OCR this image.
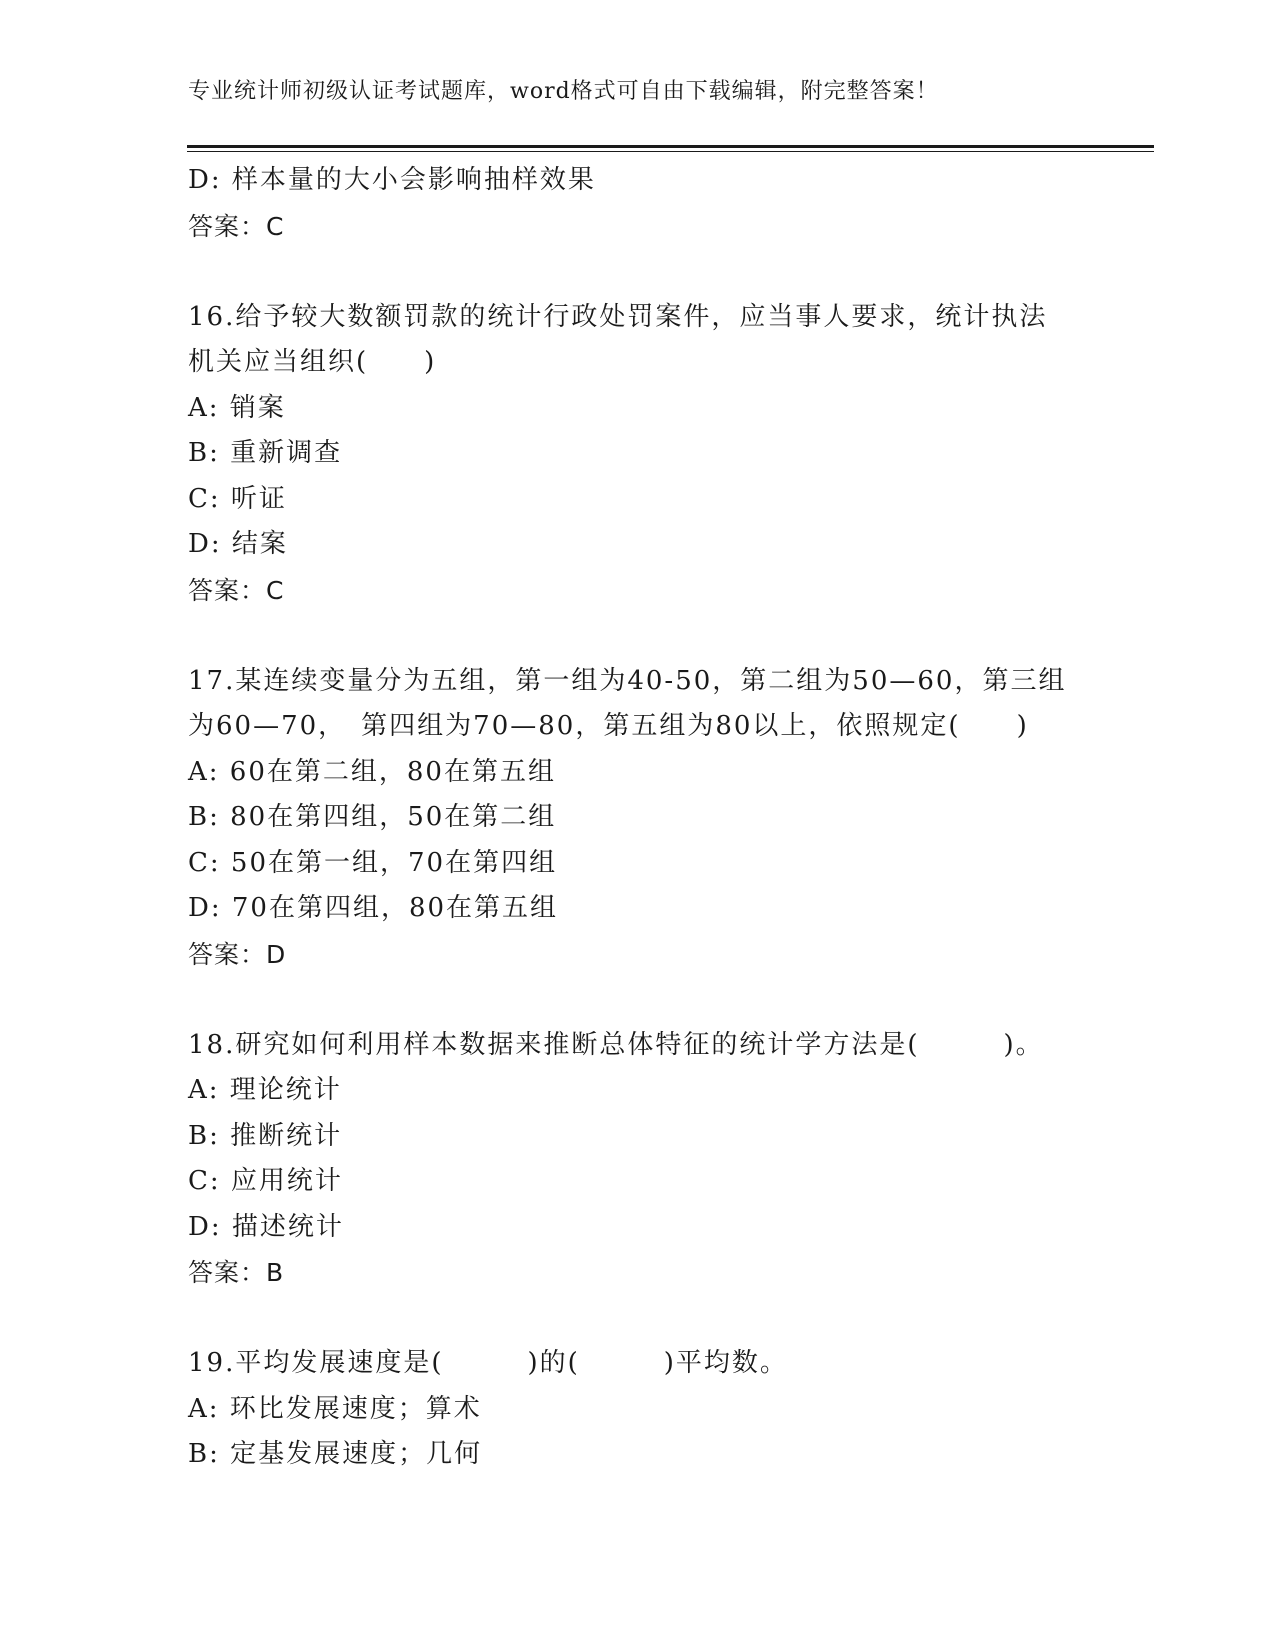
专业统计师初级认证考试题库，word格式可自由下载编辑，附完整答案！
D: 样本量的大小会影响抽样效果
答案：C
16.给予较大数额罚款的统计行政处罚案件，应当事人要求，统计执法
机关应当组织(　　)
A: 销案
B: 重新调查
C: 听证
D: 结案
答案：C
17.某连续变量分为五组，第一组为40-50，第二组为50—60，第三组
为60—70，　第四组为70—80，第五组为80以上，依照规定(　　)
A: 60在第二组，80在第五组
B: 80在第四组，50在第二组
C: 50在第一组，70在第四组
D: 70在第四组，80在第五组
答案：D
18.研究如何利用样本数据来推断总体特征的统计学方法是(　　　)。
A: 理论统计
B: 推断统计
C: 应用统计
D: 描述统计
答案：B
19.平均发展速度是(　　　)的(　　　)平均数。
A: 环比发展速度；算术
B: 定基发展速度；几何
